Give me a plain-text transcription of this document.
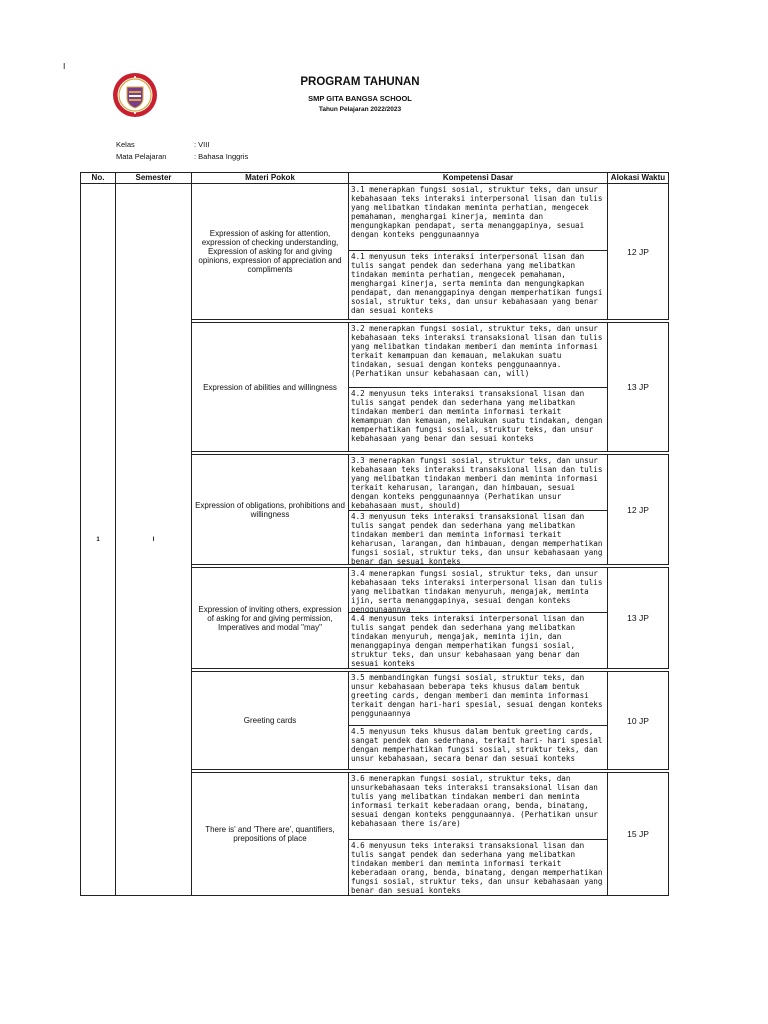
I
PROGRAM TAHUNAN
SMP GITA BANGSA SCHOOL
Tahun Pelajaran 2022/2023
Kelas	: VIII
Mata Pelajaran	: Bahasa Inggris
No.	Semester	Materi Pokok	Kompetensi Dasar	Alokasi Waktu
1	I	Expression of asking for attention, expression of checking understanding, Expression of asking for and giving opinions, expression of appreciation and compliments	3.1 menerapkan fungsi sosial, struktur teks, dan unsur kebahasaan teks interaksi interpersonal lisan dan tulis yang melibatkan tindakan meminta perhatian, mengecek pemahaman, menghargai kinerja, meminta dan mengungkapkan pendapat, serta menanggapinya, sesuai dengan konteks penggunaannya
4.1 menyusun teks interaksi interpersonal lisan dan tulis sangat pendek dan sederhana yang melibatkan tindakan meminta perhatian, mengecek pemahaman, menghargai kinerja, serta meminta dan mengungkapkan pendapat, dan menanggapinya dengan memperhatikan fungsi sosial, struktur teks, dan unsur kebahasaan yang benar dan sesuai konteks	12 JP

		Expression of abilities and willingness	3.2 menerapkan fungsi sosial, struktur teks, dan unsur kebahasaan teks interaksi transaksional lisan dan tulis yang melibatkan tindakan memberi dan meminta informasi terkait kemampuan dan kemauan, melakukan suatu tindakan, sesuai dengan konteks penggunaannya. (Perhatikan unsur kebahasaan can, will)
4.2 menyusun teks interaksi transaksional lisan dan tulis sangat pendek dan sederhana yang melibatkan tindakan memberi dan meminta informasi terkait kemampuan dan kemauan, melakukan suatu tindakan, dengan memperhatikan fungsi sosial, struktur teks, dan unsur kebahasaan yang benar dan sesuai konteks	13 JP

		Expression of obligations, prohibitions and willingness	3.3 menerapkan fungsi sosial, struktur teks, dan unsur kebahasaan teks interaksi transaksional lisan dan tulis yang melibatkan tindakan memberi dan meminta informasi terkait keharusan, larangan, dan himbauan, sesuai dengan konteks penggunaannya (Perhatikan unsur kebahasaan must, should)
4.3 menyusun teks interaksi transaksional lisan dan tulis sangat pendek dan sederhana yang melibatkan tindakan memberi dan meminta informasi terkait keharusan, larangan, dan himbauan, dengan memperhatikan fungsi sosial, struktur teks, dan unsur kebahasaan yang benar dan sesuai konteks	12 JP

		Expression of inviting others, expression of asking for and giving permission, Imperatives and modal "may"	3.4 menerapkan fungsi sosial, struktur teks, dan unsur kebahasaan teks interaksi interpersonal lisan dan tulis yang melibatkan tindakan menyuruh, mengajak, meminta ijin, serta menanggapinya, sesuai dengan konteks penggunaannya
4.4 menyusun teks interaksi interpersonal lisan dan tulis sangat pendek dan sederhana yang melibatkan tindakan menyuruh, mengajak, meminta ijin, dan menanggapinya dengan memperhatikan fungsi sosial, struktur teks, dan unsur kebahasaan yang benar dan sesuai konteks	13 JP

		Greeting cards	3.5 membandingkan fungsi sosial, struktur teks, dan unsur kebahasaan beberapa teks khusus dalam bentuk greeting cards, dengan memberi dan meminta informasi terkait dengan hari-hari spesial, sesuai dengan konteks penggunaannya
4.5 menyusun teks khusus dalam bentuk greeting cards, sangat pendek dan sederhana, terkait hari- hari spesial dengan memperhatikan fungsi sosial, struktur teks, dan unsur kebahasaan, secara benar dan sesuai konteks	10 JP

		There is' and 'There are', quantifiers, prepositions of place	3.6 menerapkan fungsi sosial, struktur teks, dan unsurkebahasaan teks interaksi transaksional lisan dan tulis yang melibatkan tindakan memberi dan meminta informasi terkait keberadaan orang, benda, binatang, sesuai dengan konteks penggunaannya. (Perhatikan unsur kebahasaan there is/are)
4.6 menyusun teks interaksi transaksional lisan dan tulis sangat pendek dan sederhana yang melibatkan tindakan memberi dan meminta informasi terkait keberadaan orang, benda, binatang, dengan memperhatikan fungsi sosial, struktur teks, dan unsur kebahasaan yang benar dan sesuai konteks	15 JP
